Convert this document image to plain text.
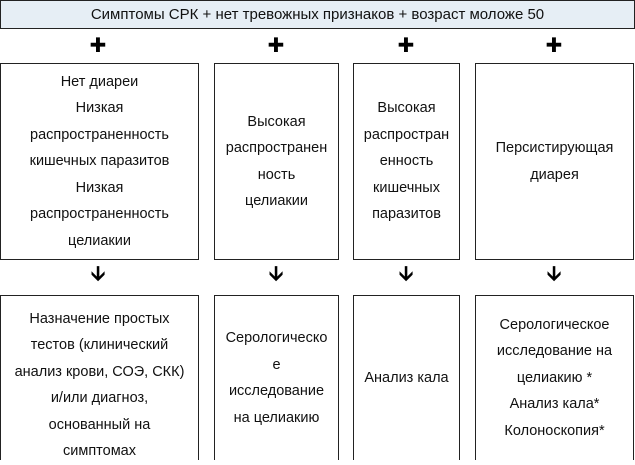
Симптомы СРК + нет тревожных признаков + возраст моложе 50
✚	✚	✚	✚
Нет диареи
Низкая
распространенность
кишечных паразитов
Низкая
распространенность
целиакии
Высокая
распространен
ность
целиакии
Высокая
распростран
енность
кишечных
паразитов
Персистирующая
диарея
🡫	🡫	🡫	🡫
Назначение простых
тестов (клинический
анализ крови, СОЭ, СКК)
и/или диагноз,
основанный на
симптомах
Серологическо
е
исследование
на целиакию
Анализ кала
Серологическое
исследование на
целиакию *
Анализ кала*
Колоноскопия*
